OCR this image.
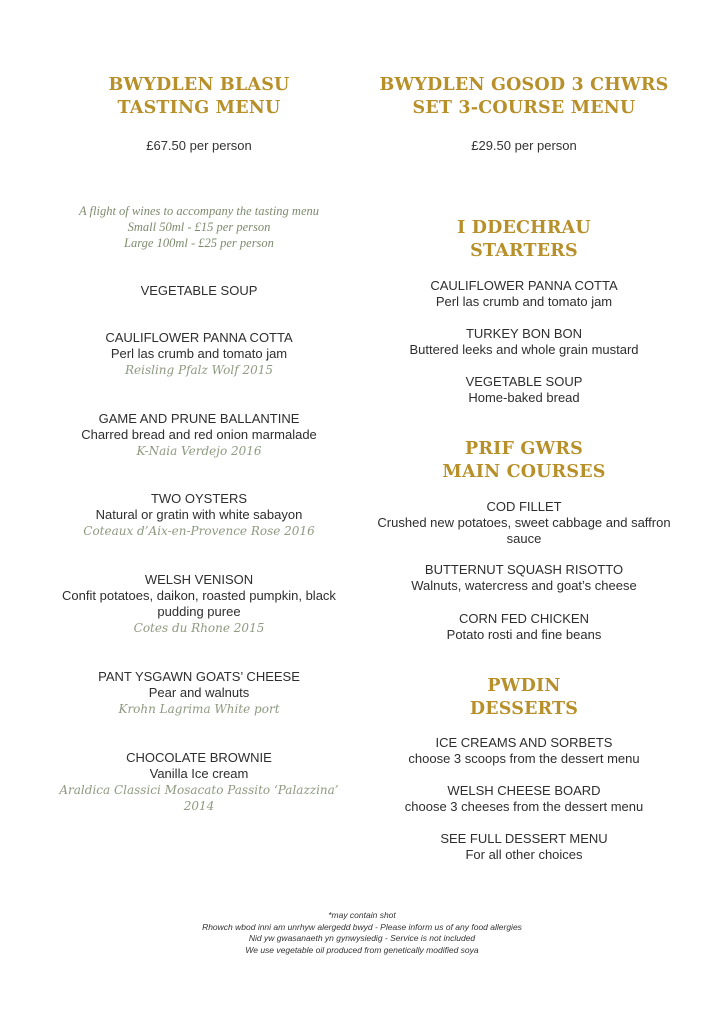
BWYDLEN BLASU
TASTING MENU
£67.50 per person
A flight of wines to accompany the tasting menu
Small 50ml - £15 per person
Large 100ml - £25 per person
VEGETABLE SOUP
CAULIFLOWER PANNA COTTA
Perl las crumb and tomato jam
Reisling Pfalz Wolf 2015
GAME AND PRUNE BALLANTINE
Charred bread and red onion marmalade
K-Naia Verdejo 2016
TWO OYSTERS
Natural or gratin with white sabayon
Coteaux d’Aix-en-Provence Rose 2016
WELSH VENISON
Confit potatoes, daikon, roasted pumpkin, black pudding puree
Cotes du Rhone 2015
PANT YSGAWN GOATS’ CHEESE
Pear and walnuts
Krohn Lagrima White port
CHOCOLATE BROWNIE
Vanilla Ice cream
Araldica Classici Mosacato Passito ‘Palazzina’ 2014
BWYDLEN GOSOD 3 CHWRS
SET 3-COURSE MENU
£29.50 per person
I DDECHRAU
STARTERS
CAULIFLOWER PANNA COTTA
Perl las crumb and tomato jam
TURKEY BON BON
Buttered leeks and whole grain mustard
VEGETABLE SOUP
Home-baked bread
PRIF GWRS
MAIN COURSES
COD FILLET
Crushed new potatoes, sweet cabbage and saffron sauce
BUTTERNUT SQUASH RISOTTO
Walnuts, watercress and goat’s cheese
CORN FED CHICKEN
Potato rosti and fine beans
PWDIN
DESSERTS
ICE CREAMS AND SORBETS
choose 3 scoops from the dessert menu
WELSH CHEESE BOARD
choose 3 cheeses from the dessert menu
SEE FULL DESSERT MENU
For all other choices
*may contain shot
Rhowch wbod inni am unrhyw alergedd bwyd - Please inform us of any food allergies
Nid yw gwasanaeth yn gynwysiedig - Service is not included
We use vegetable oil produced from genetically modified soya
